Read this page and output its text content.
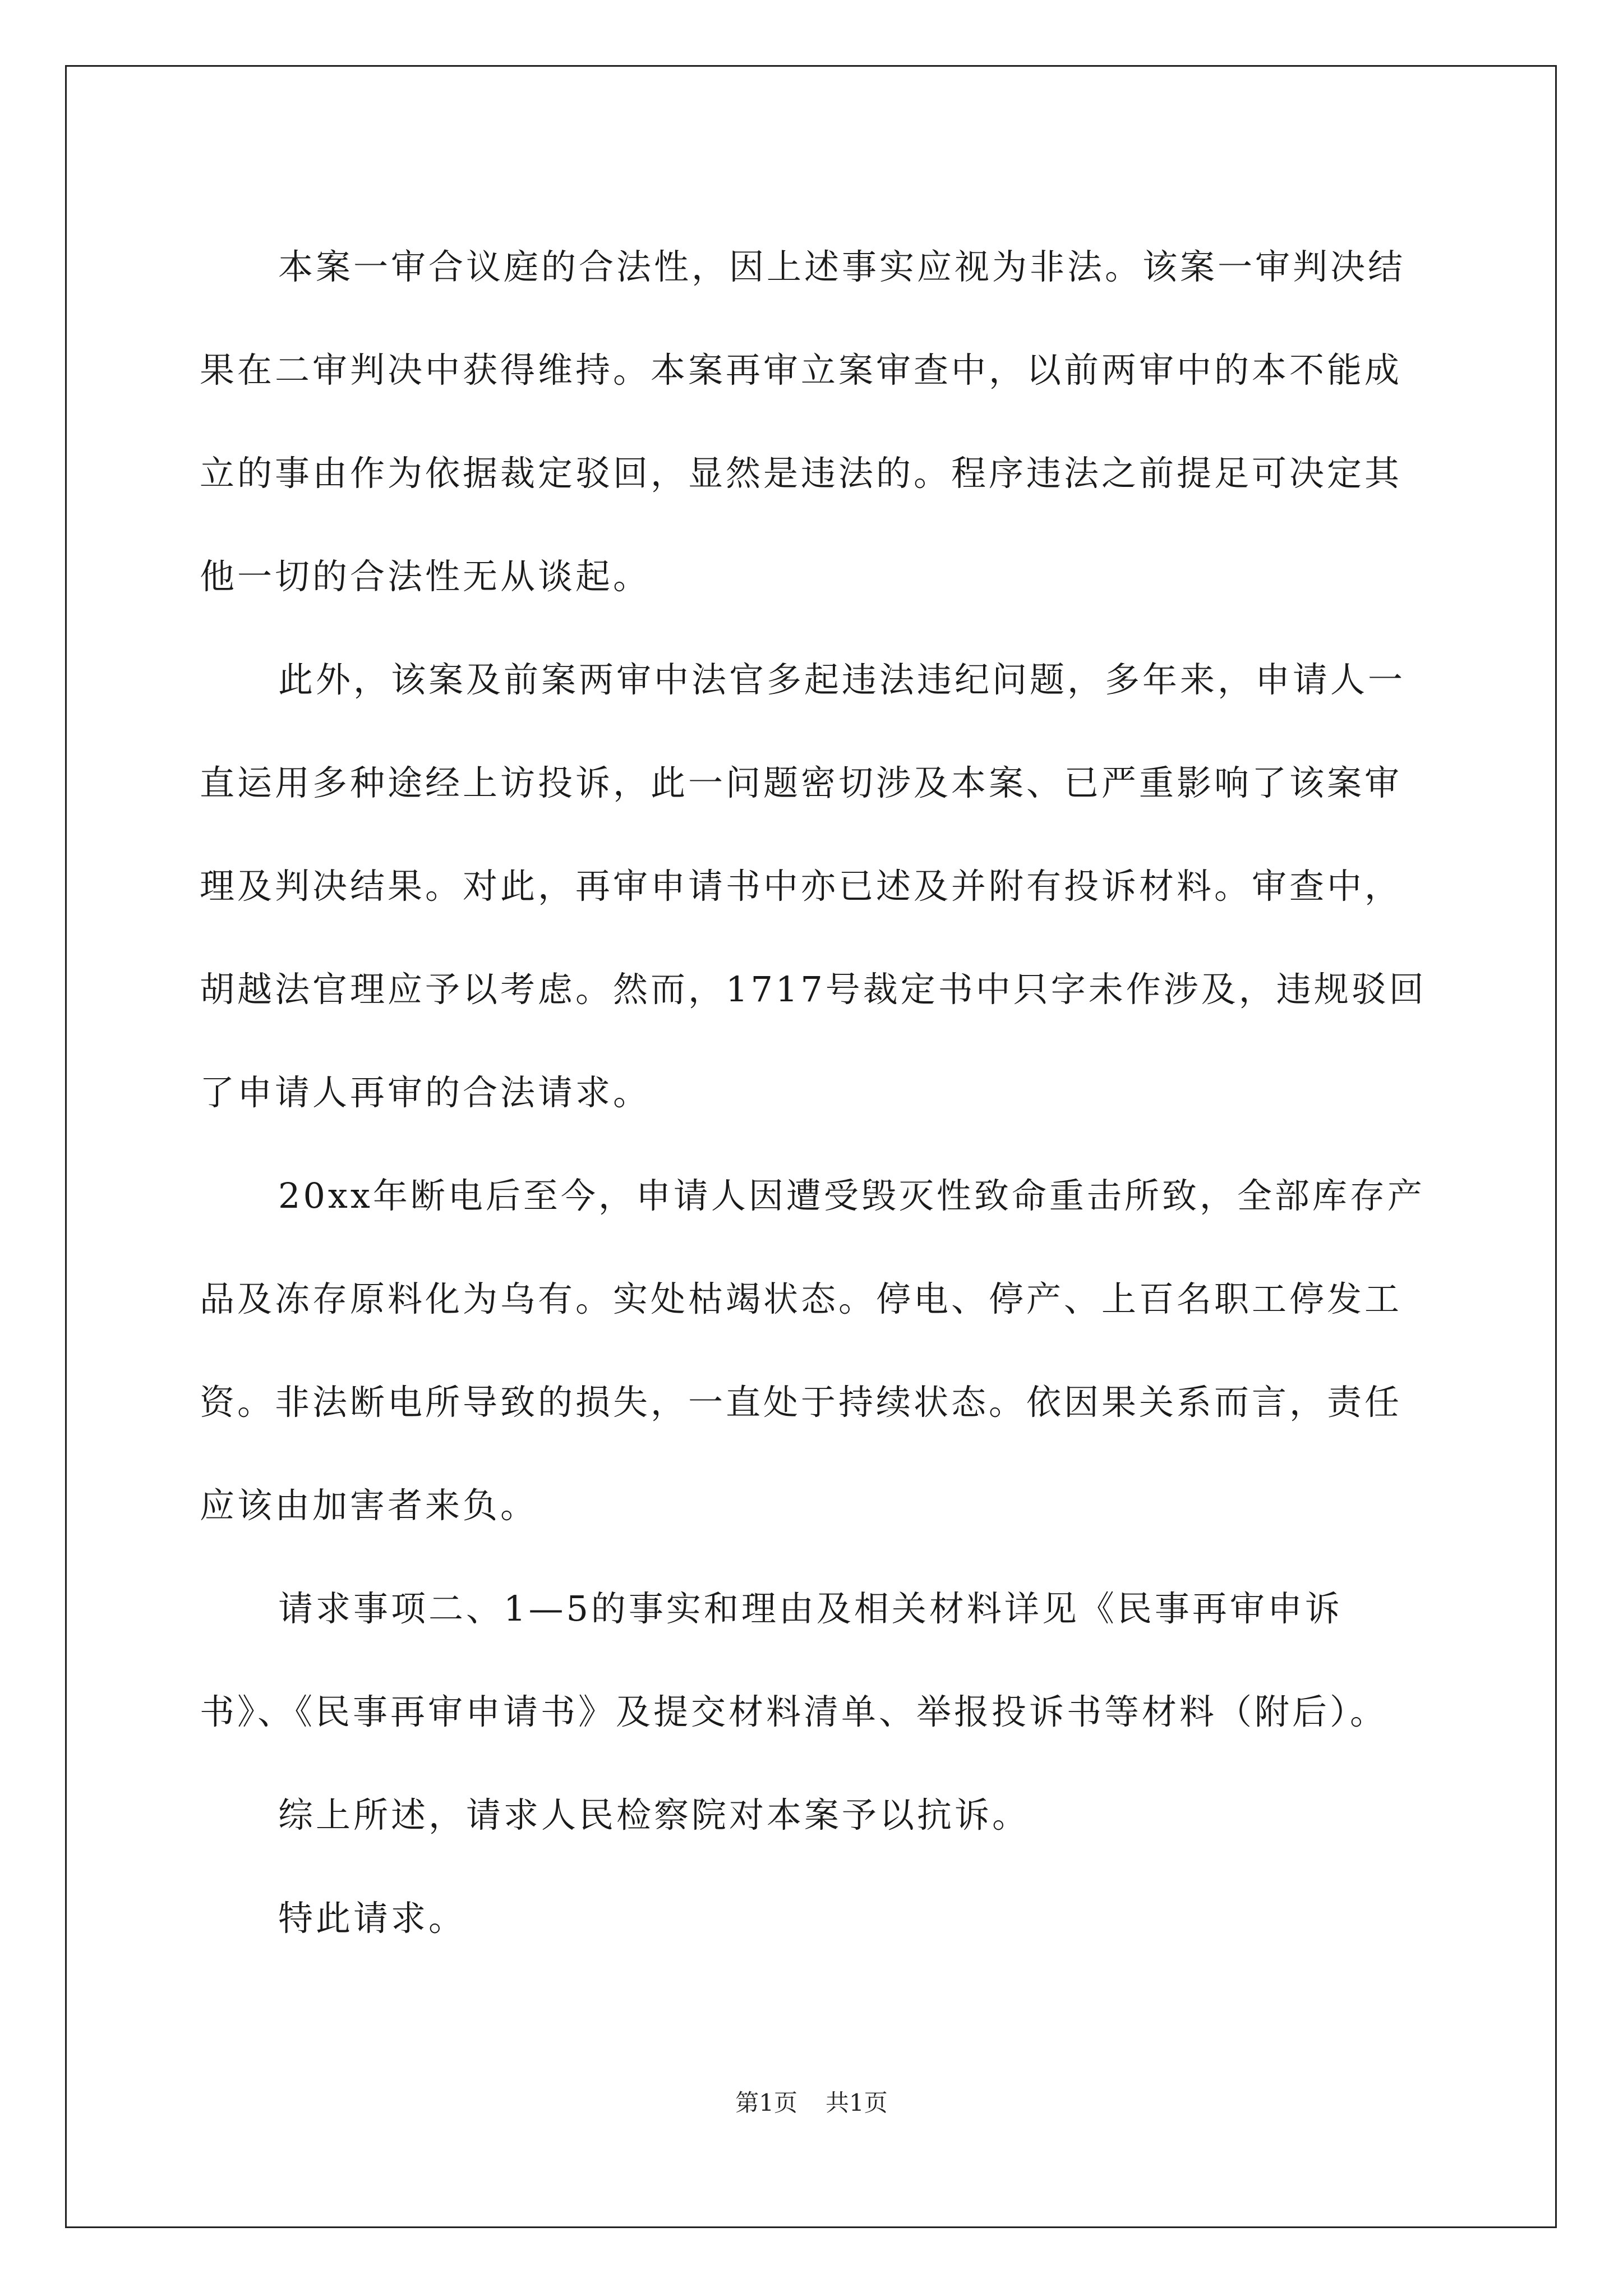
本案一审合议庭的合法性，因上述事实应视为非法。该案一审判决结果在二审判决中获得维持。本案再审立案审查中，以前两审中的本不能成立的事由作为依据裁定驳回，显然是违法的。程序违法之前提足可决定其他一切的合法性无从谈起。

此外，该案及前案两审中法官多起违法违纪问题，多年来，申请人一直运用多种途经上访投诉，此一问题密切涉及本案、已严重影响了该案审理及判决结果。对此，再审申请书中亦已述及并附有投诉材料。审查中，胡越法官理应予以考虑。然而，1717号裁定书中只字未作涉及，违规驳回了申请人再审的合法请求。

20xx年断电后至今，申请人因遭受毁灭性致命重击所致，全部库存产品及冻存原料化为乌有。实处枯竭状态。停电、停产、上百名职工停发工资。非法断电所导致的损失，一直处于持续状态。依因果关系而言，责任应该由加害者来负。

请求事项二、1—5的事实和理由及相关材料详见《民事再审申诉书》、《民事再审申请书》及提交材料清单、举报投诉书等材料（附后）。

综上所述，请求人民检察院对本案予以抗诉。

特此请求。

第1页 共1页
